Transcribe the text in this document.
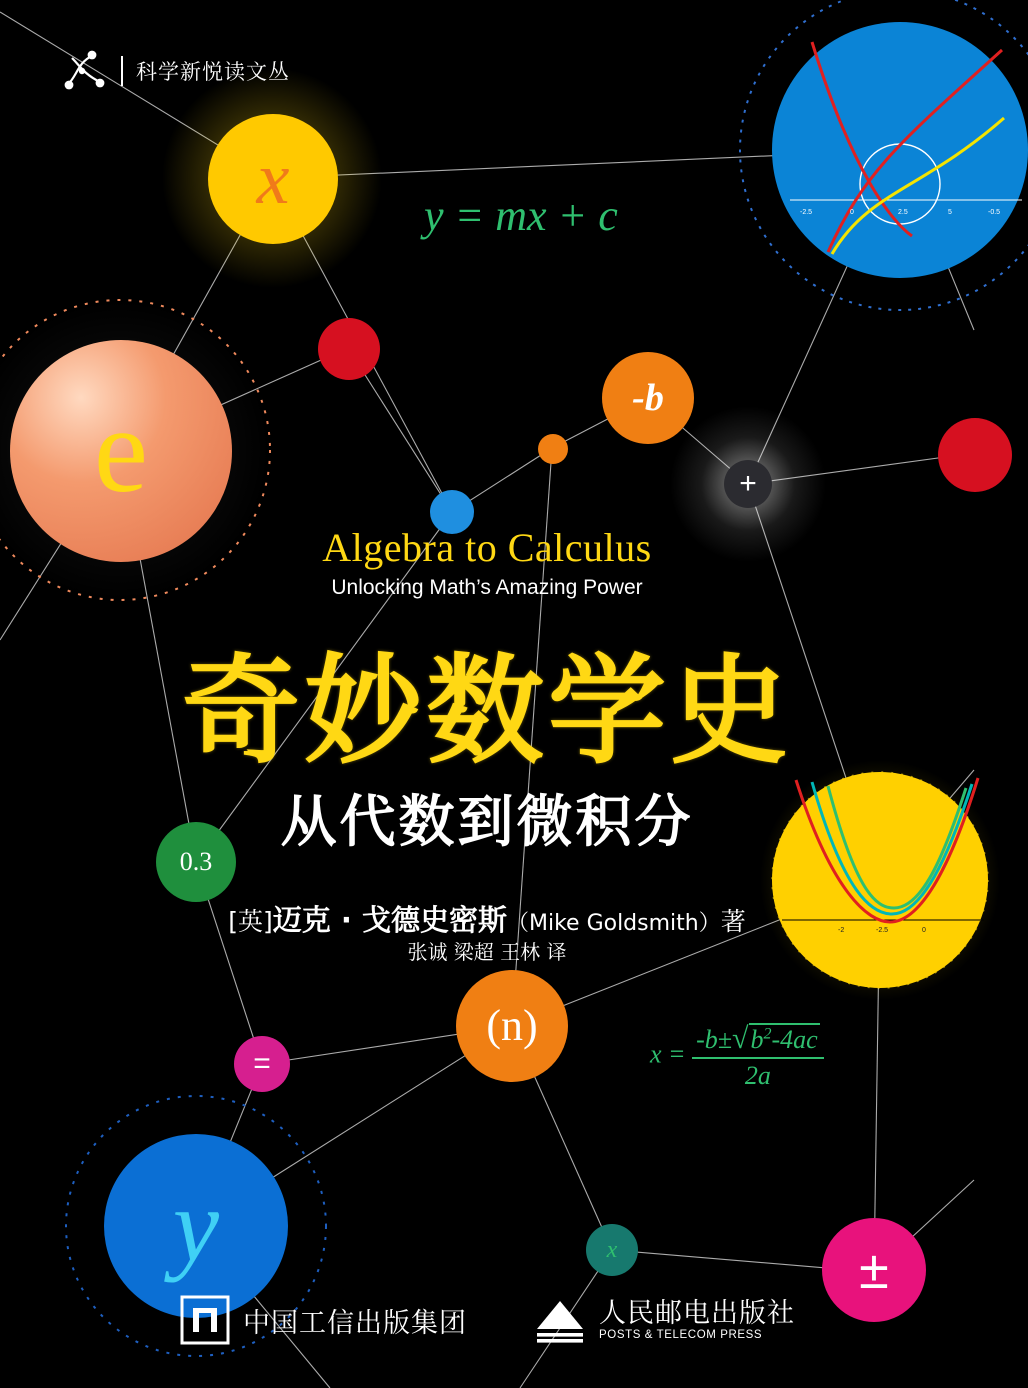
-2.5	0	2.5	5	-0.5
-2	-2.5	0
x
e	-b
+
0.3
(n)
=
y	x	±
科学新悦读文丛
y = mx + c
$x = \frac{-b\pm√b^2-4ac}{2a}$
Algebra to Calculus
Unlocking Math’s Amazing Power
奇妙数学史
从代数到微积分
[英]迈克 · 戈德史密斯（Mike Goldsmith）著
张诚 梁超 王林 译
中国工信出版集团	人民邮电出版社
POSTS & TELECOM PRESS
